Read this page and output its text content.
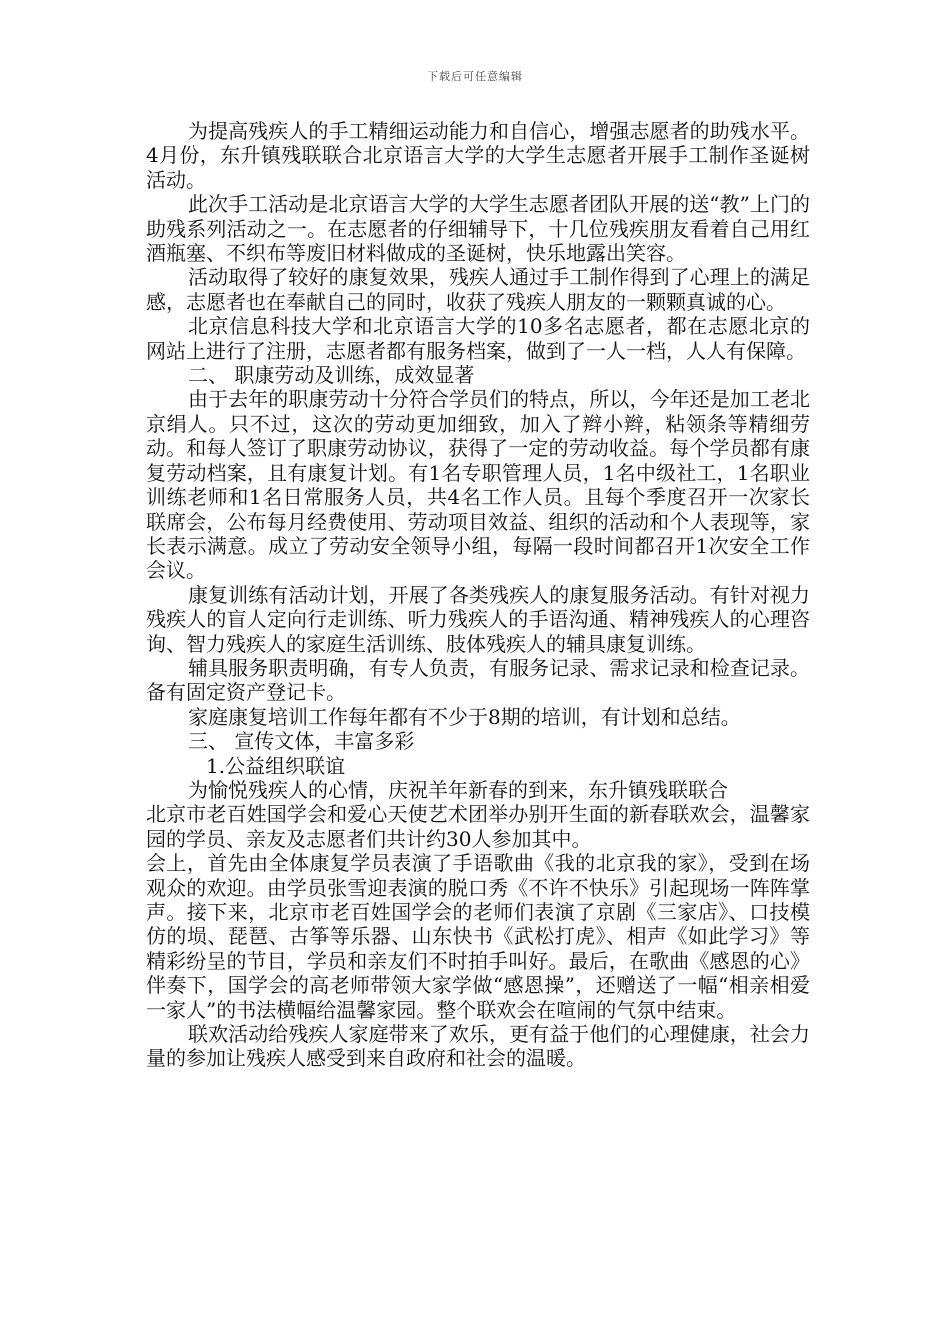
下载后可任意编辑

为提高残疾人的手工精细运动能力和自信心，增强志愿者的助残水平。4月份，东升镇残联联合北京语言大学的大学生志愿者开展手工制作圣诞树活动。

此次手工活动是北京语言大学的大学生志愿者团队开展的送“教”上门的助残系列活动之一。在志愿者的仔细辅导下，十几位残疾朋友看着自己用红酒瓶塞、不织布等废旧材料做成的圣诞树，快乐地露出笑容。

活动取得了较好的康复效果，残疾人通过手工制作得到了心理上的满足感，志愿者也在奉献自己的同时，收获了残疾人朋友的一颗颗真诚的心。

北京信息科技大学和北京语言大学的10多名志愿者，都在志愿北京的网站上进行了注册，志愿者都有服务档案，做到了一人一档，人人有保障。

二、 职康劳动及训练，成效显著

由于去年的职康劳动十分符合学员们的特点，所以，今年还是加工老北京绢人。只不过，这次的劳动更加细致，加入了辫小辫，粘领条等精细劳动。和每人签订了职康劳动协议，获得了一定的劳动收益。每个学员都有康复劳动档案，且有康复计划。有1名专职管理人员，1名中级社工，1名职业训练老师和1名日常服务人员，共4名工作人员。且每个季度召开一次家长联席会，公布每月经费使用、劳动项目效益、组织的活动和个人表现等，家长表示满意。成立了劳动安全领导小组，每隔一段时间都召开1次安全工作会议。

康复训练有活动计划，开展了各类残疾人的康复服务活动。有针对视力残疾人的盲人定向行走训练、听力残疾人的手语沟通、精神残疾人的心理咨询、智力残疾人的家庭生活训练、肢体残疾人的辅具康复训练。

辅具服务职责明确，有专人负责，有服务记录、需求记录和检查记录。备有固定资产登记卡。

家庭康复培训工作每年都有不少于8期的培训，有计划和总结。

三、 宣传文体，丰富多彩

1.公益组织联谊

为愉悦残疾人的心情，庆祝羊年新春的到来，东升镇残联联合

北京市老百姓国学会和爱心天使艺术团举办别开生面的新春联欢会，温馨家园的学员、亲友及志愿者们共计约30人参加其中。

会上，首先由全体康复学员表演了手语歌曲《我的北京我的家》，受到在场观众的欢迎。由学员张雪迎表演的脱口秀《不许不快乐》引起现场一阵阵掌声。接下来，北京市老百姓国学会的老师们表演了京剧《三家店》、口技模仿的埙、琵琶、古筝等乐器、山东快书《武松打虎》、相声《如此学习》等精彩纷呈的节目，学员和亲友们不时拍手叫好。最后，在歌曲《感恩的心》伴奏下，国学会的高老师带领大家学做“感恩操”，还赠送了一幅“相亲相爱一家人”的书法横幅给温馨家园。整个联欢会在喧闹的气氛中结束。

联欢活动给残疾人家庭带来了欢乐，更有益于他们的心理健康，社会力量的参加让残疾人感受到来自政府和社会的温暖。
